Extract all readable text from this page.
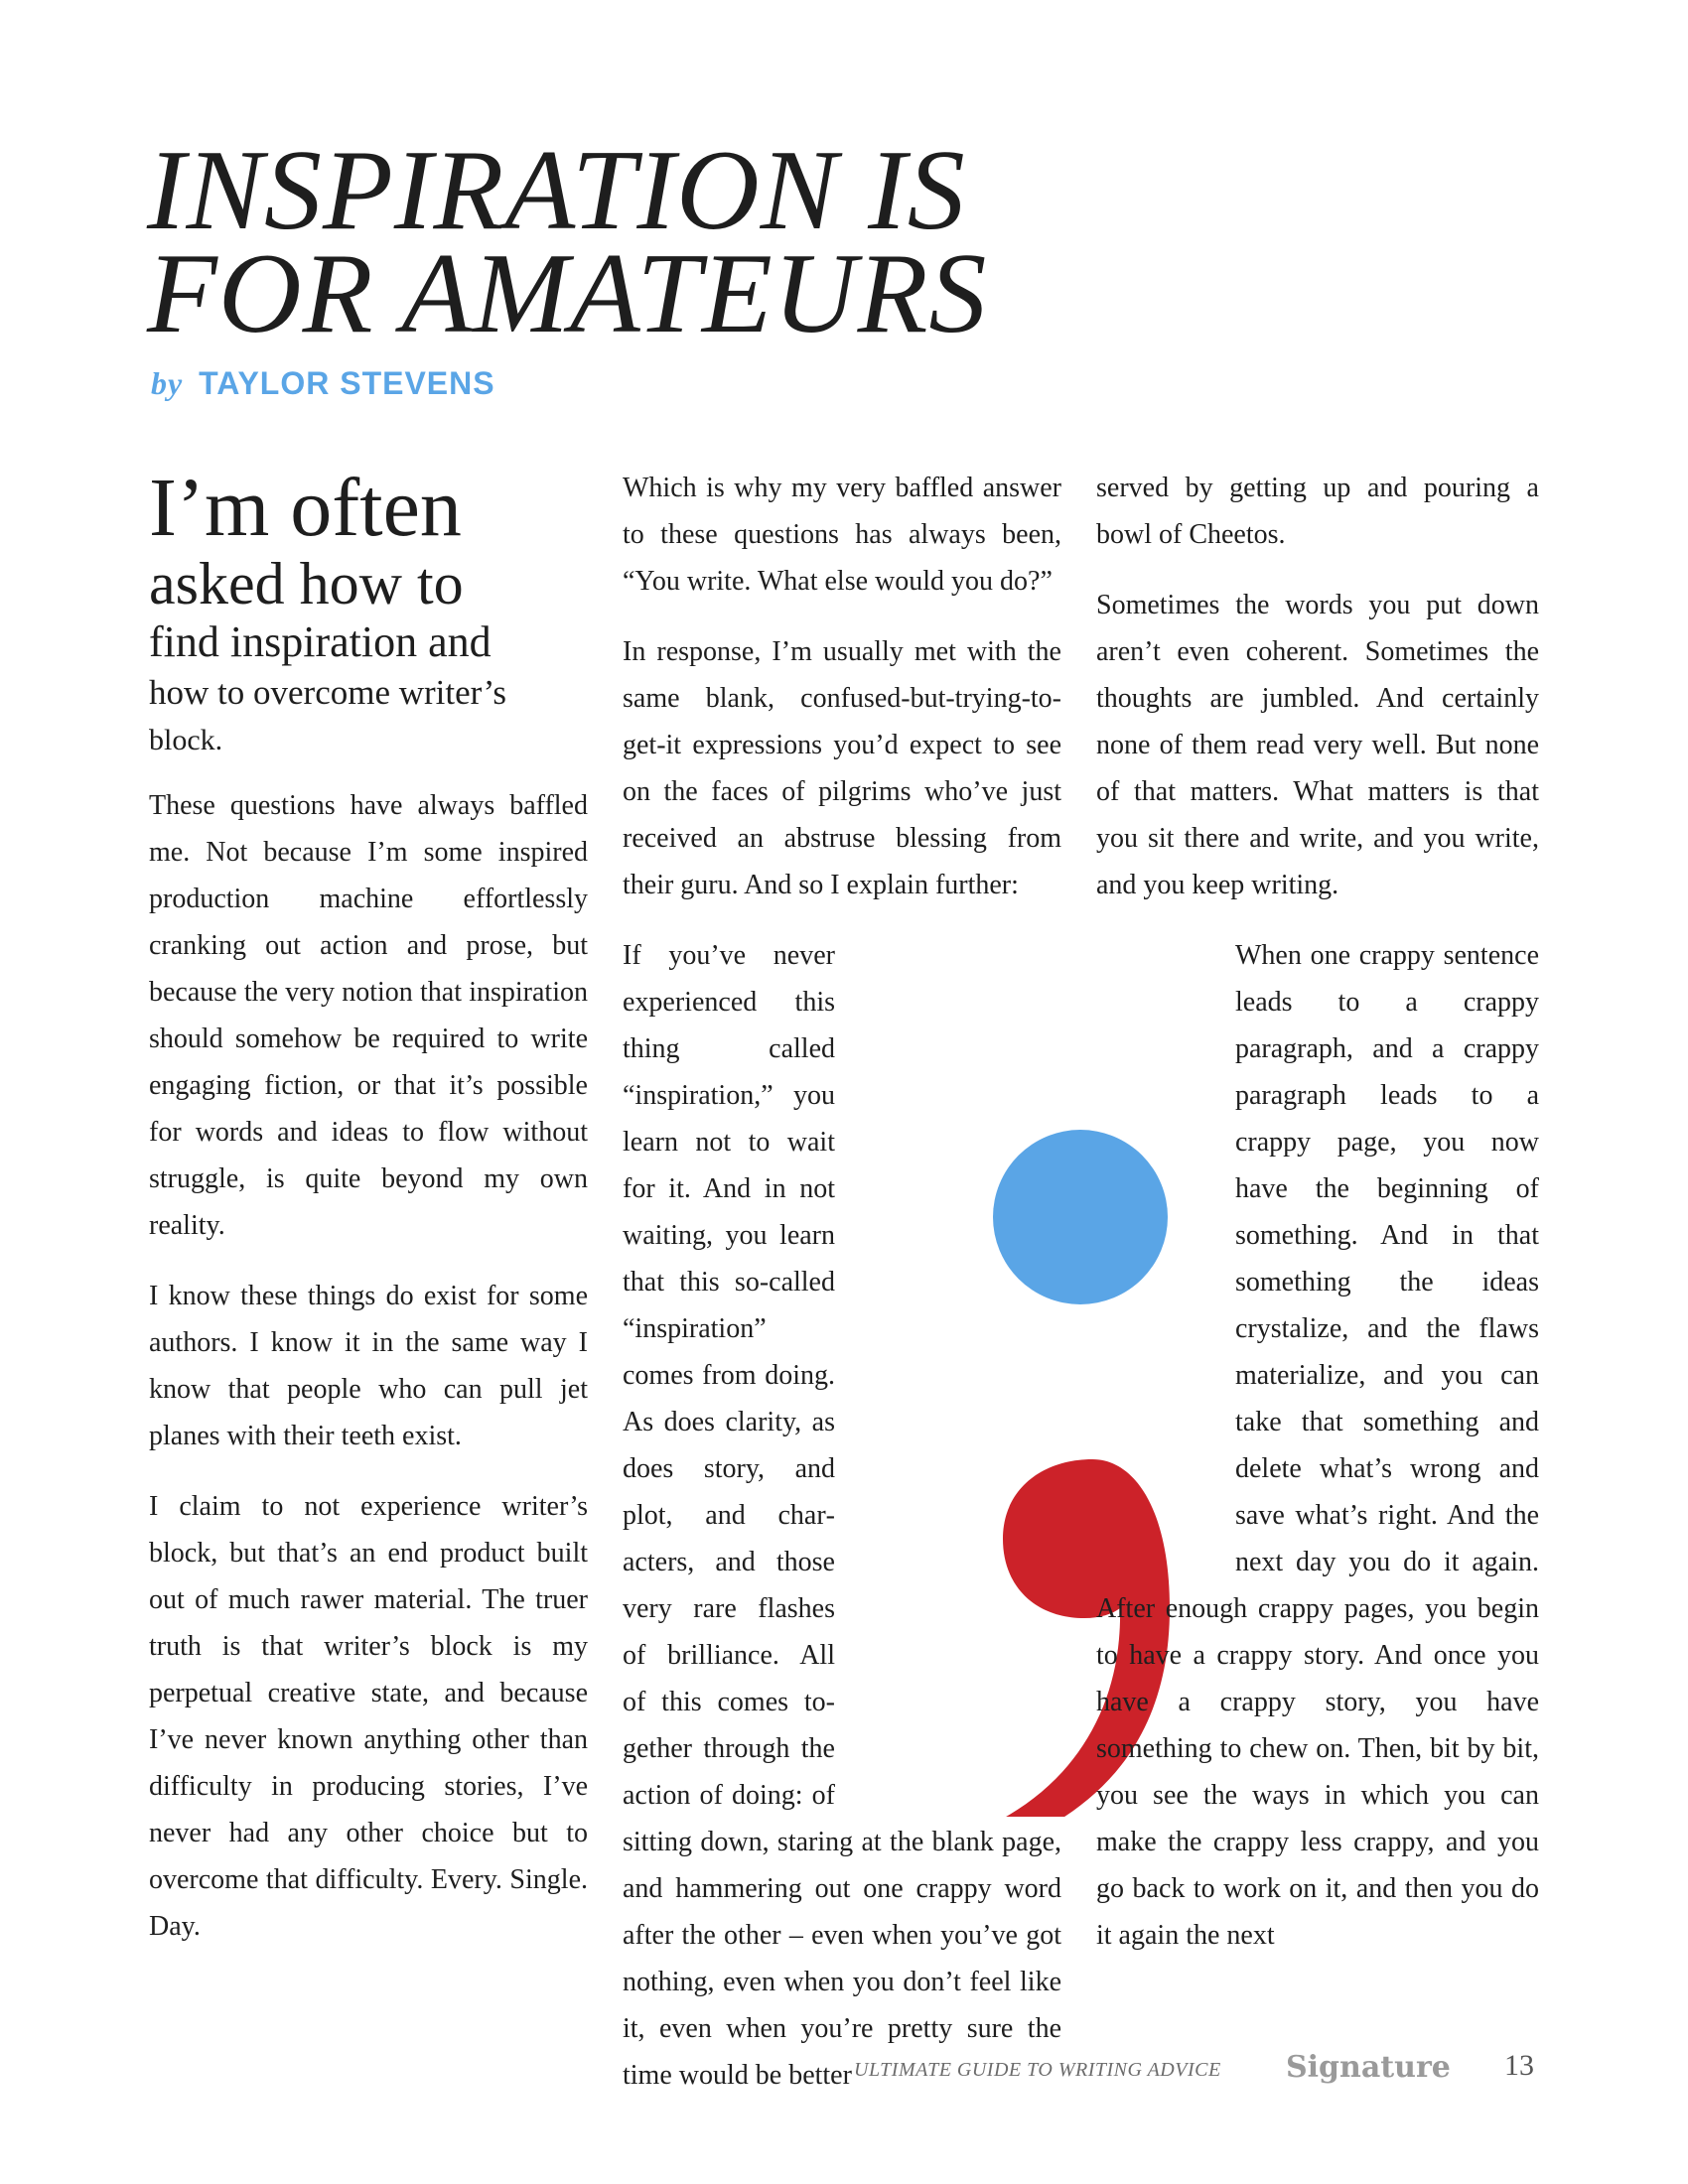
INSPIRATION IS
FOR AMATEURS
by TAYLOR STEVENS
I’m often
asked how to
find inspiration and
how to overcome writer’s
block.

These questions have always baffled me. Not because I’m some inspired production machine effortlessly cranking out action and prose, but because the very notion that inspiration should somehow be required to write engaging fiction, or that it’s possible for words and ideas to flow without struggle, is quite beyond my own reality.

I know these things do exist for some authors. I know it in the same way I know that people who can pull jet planes with their teeth exist.

I claim to not experience writer’s block, but that’s an end product built out of much rawer material. The truer truth is that writer’s block is my perpetual creative state, and because I’ve never known anything other than difficulty in producing stories, I’ve never had any other choice but to overcome that difficulty. Every. Single. Day.

Which is why my very baffled answer to these questions has always been, “You write. What else would you do?”

In response, I’m usually met with the same blank, confused-but-trying-to-get-it expressions you’d expect to see on the faces of pilgrims who’ve just received an abstruse blessing from their guru. And so I explain further:

If you’ve never experienced this thing called “inspiration,” you learn not to wait for it. And in not waiting, you learn that this so-called “inspiration” comes from doing. As does clarity, as does story, and plot, and characters, and those very rare flashes of brilliance. All of this comes together through the action of doing: of sitting down, staring at the blank page, and hammering out one crappy word after the other – even when you’ve got nothing, even when you don’t feel like it, even when you’re pretty sure the time would be better

served by getting up and pouring a bowl of Cheetos.

Sometimes the words you put down aren’t even coherent. Sometimes the thoughts are jumbled. And certainly none of them read very well. But none of that matters. What matters is that you sit there and write, and you write, and you keep writing.

When one crappy sentence leads to a crappy paragraph, and a crappy paragraph leads to a crappy page, you now have the beginning of something. And in that something the ideas crystalize, and the flaws materialize, and you can take that something and delete what’s wrong and save what’s right. And the next day you do it again. After enough crappy pages, you begin to have a crappy story. And once you have a crappy story, you have something to chew on. Then, bit by bit, you see the ways in which you can make the crappy less crappy, and you go back to work on it, and then you do it again the next

ULTIMATE GUIDE TO WRITING ADVICE Signature 13
